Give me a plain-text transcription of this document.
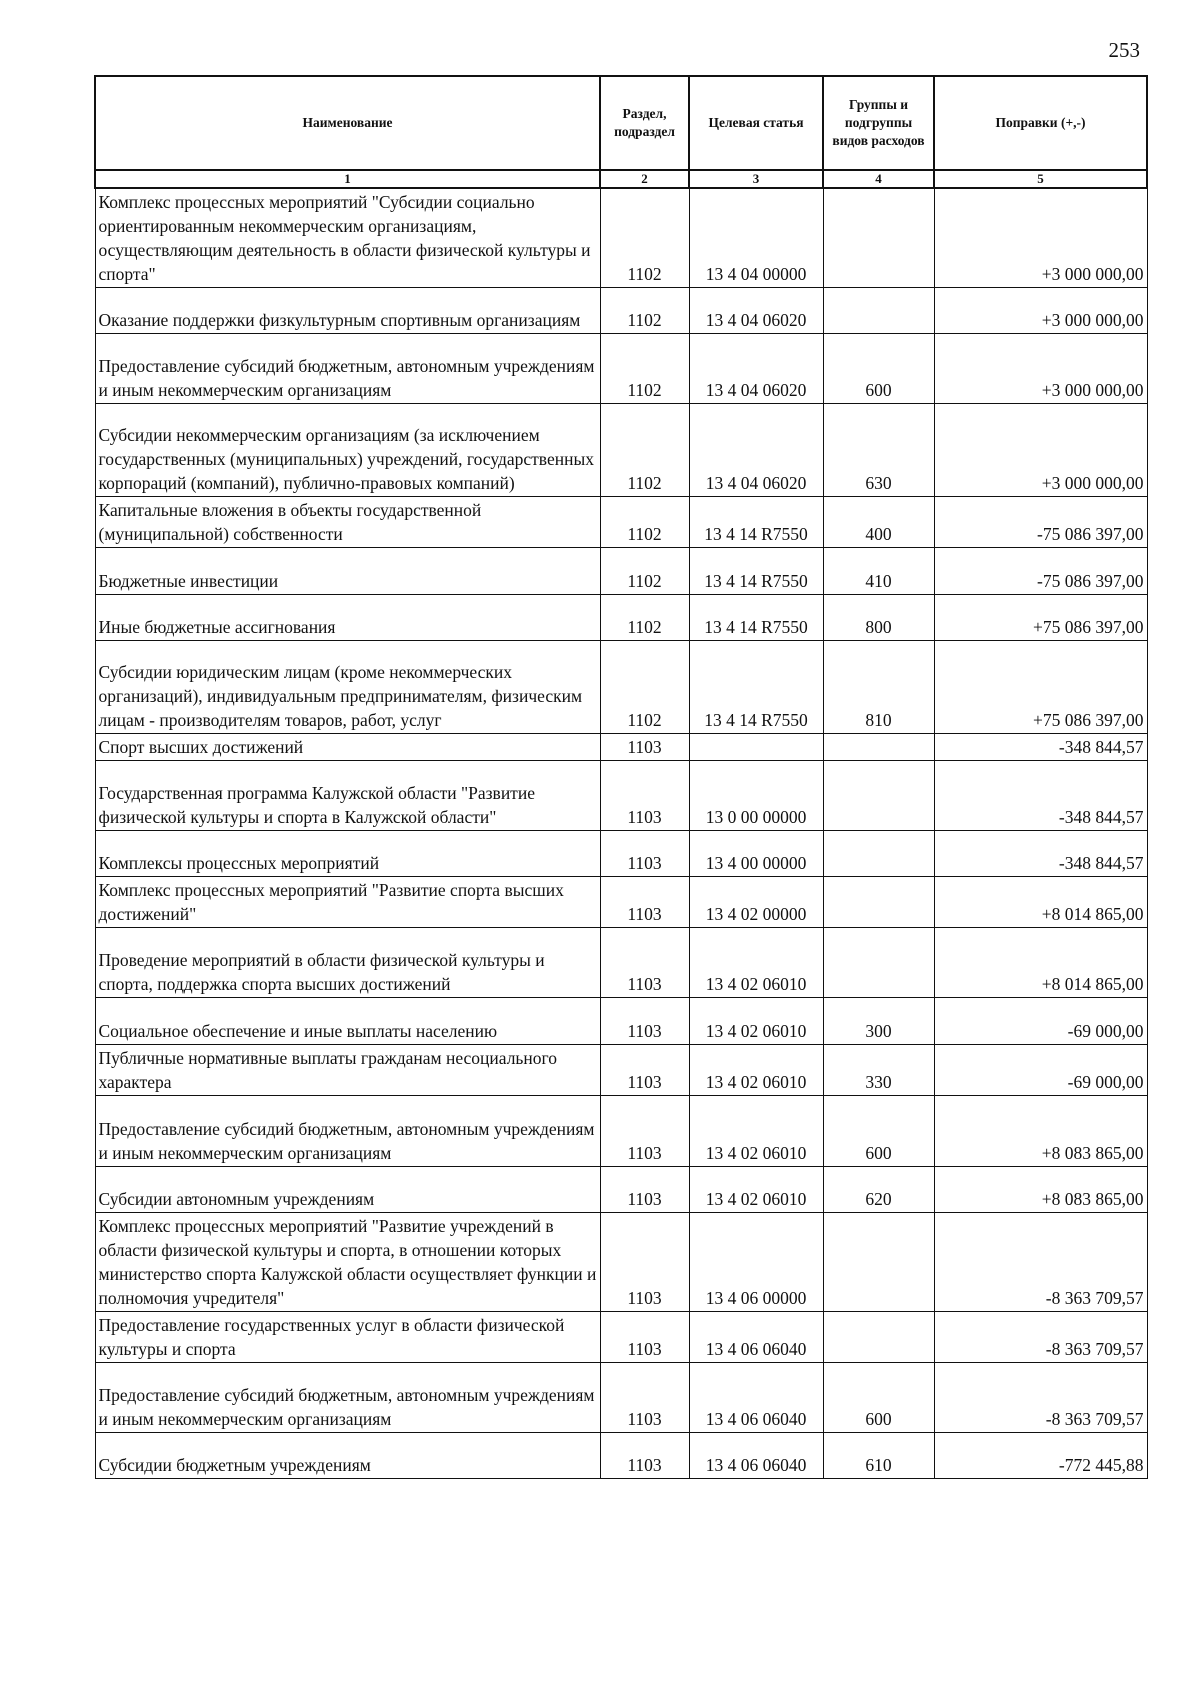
253
Наименование	Раздел, подраздел	Целевая статья	Группы и подгруппы видов расходов	Поправки (+,-)
1	2	3	4	5
Комплекс процессных мероприятий "Субсидии социально ориентированным некоммерческим организациям, осуществляющим деятельность в области физической культуры и спорта"	1102	13 4 04 00000		+3 000 000,00
Оказание поддержки физкультурным спортивным организациям	1102	13 4 04 06020		+3 000 000,00
Предоставление субсидий бюджетным, автономным учреждениям и иным некоммерческим организациям	1102	13 4 04 06020	600	+3 000 000,00
Субсидии некоммерческим организациям (за исключением государственных (муниципальных) учреждений, государственных корпораций (компаний), публично-правовых компаний)	1102	13 4 04 06020	630	+3 000 000,00
Капитальные вложения в объекты государственной (муниципальной) собственности	1102	13 4 14 R7550	400	-75 086 397,00
Бюджетные инвестиции	1102	13 4 14 R7550	410	-75 086 397,00
Иные бюджетные ассигнования	1102	13 4 14 R7550	800	+75 086 397,00
Субсидии юридическим лицам (кроме некоммерческих организаций), индивидуальным предпринимателям, физическим лицам - производителям товаров, работ, услуг	1102	13 4 14 R7550	810	+75 086 397,00
Спорт высших достижений	1103			-348 844,57
Государственная программа Калужской области "Развитие физической культуры и спорта в Калужской области"	1103	13 0 00 00000		-348 844,57
Комплексы процессных мероприятий	1103	13 4 00 00000		-348 844,57
Комплекс процессных мероприятий "Развитие спорта высших достижений"	1103	13 4 02 00000		+8 014 865,00
Проведение мероприятий в области физической культуры и спорта, поддержка спорта высших достижений	1103	13 4 02 06010		+8 014 865,00
Социальное обеспечение и иные выплаты населению	1103	13 4 02 06010	300	-69 000,00
Публичные нормативные выплаты гражданам несоциального характера	1103	13 4 02 06010	330	-69 000,00
Предоставление субсидий бюджетным, автономным учреждениям и иным некоммерческим организациям	1103	13 4 02 06010	600	+8 083 865,00
Субсидии автономным учреждениям	1103	13 4 02 06010	620	+8 083 865,00
Комплекс процессных мероприятий "Развитие учреждений в области физической культуры и спорта, в отношении которых министерство спорта Калужской области осуществляет функции и полномочия учредителя"	1103	13 4 06 00000		-8 363 709,57
Предоставление государственных услуг в области физической культуры и спорта	1103	13 4 06 06040		-8 363 709,57
Предоставление субсидий бюджетным, автономным учреждениям и иным некоммерческим организациям	1103	13 4 06 06040	600	-8 363 709,57
Субсидии бюджетным учреждениям	1103	13 4 06 06040	610	-772 445,88
